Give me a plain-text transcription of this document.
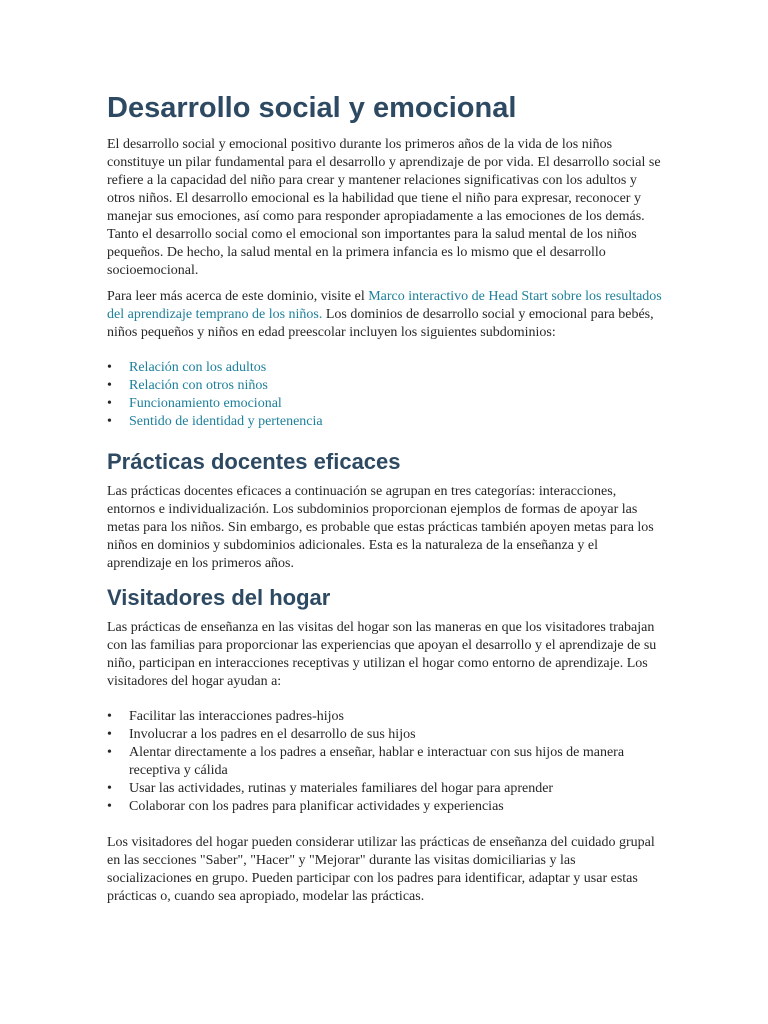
Desarrollo social y emocional

El desarrollo social y emocional positivo durante los primeros años de la vida de los niños constituye un pilar fundamental para el desarrollo y aprendizaje de por vida. El desarrollo social se refiere a la capacidad del niño para crear y mantener relaciones significativas con los adultos y otros niños. El desarrollo emocional es la habilidad que tiene el niño para expresar, reconocer y manejar sus emociones, así como para responder apropiadamente a las emociones de los demás. Tanto el desarrollo social como el emocional son importantes para la salud mental de los niños pequeños. De hecho, la salud mental en la primera infancia es lo mismo que el desarrollo socioemocional.

Para leer más acerca de este dominio, visite el Marco interactivo de Head Start sobre los resultados del aprendizaje temprano de los niños. Los dominios de desarrollo social y emocional para bebés, niños pequeños y niños en edad preescolar incluyen los siguientes subdominios:

• Relación con los adultos
• Relación con otros niños
• Funcionamiento emocional
• Sentido de identidad y pertenencia
Prácticas docentes eficaces

Las prácticas docentes eficaces a continuación se agrupan en tres categorías: interacciones, entornos e individualización. Los subdominios proporcionan ejemplos de formas de apoyar las metas para los niños. Sin embargo, es probable que estas prácticas también apoyen metas para los niños en dominios y subdominios adicionales. Esta es la naturaleza de la enseñanza y el aprendizaje en los primeros años.

Visitadores del hogar

Las prácticas de enseñanza en las visitas del hogar son las maneras en que los visitadores trabajan con las familias para proporcionar las experiencias que apoyan el desarrollo y el aprendizaje de su niño, participan en interacciones receptivas y utilizan el hogar como entorno de aprendizaje. Los visitadores del hogar ayudan a:

• Facilitar las interacciones padres-hijos
• Involucrar a los padres en el desarrollo de sus hijos
• Alentar directamente a los padres a enseñar, hablar e interactuar con sus hijos de manera receptiva y cálida
• Usar las actividades, rutinas y materiales familiares del hogar para aprender
• Colaborar con los padres para planificar actividades y experiencias

Los visitadores del hogar pueden considerar utilizar las prácticas de enseñanza del cuidado grupal en las secciones "Saber", "Hacer" y "Mejorar" durante las visitas domiciliarias y las socializaciones en grupo. Pueden participar con los padres para identificar, adaptar y usar estas prácticas o, cuando sea apropiado, modelar las prácticas.
